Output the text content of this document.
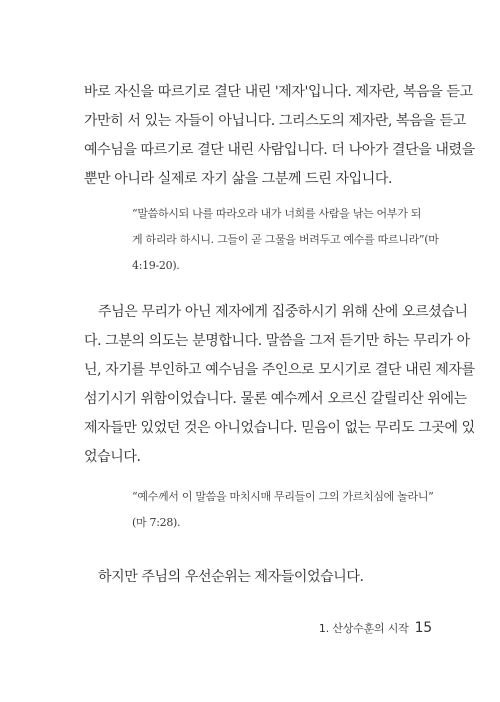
바로 자신을 따르기로 결단 내린 '제자'입니다. 제자란, 복음을 듣고
가만히 서 있는 자들이 아닙니다. 그리스도의 제자란, 복음을 듣고
예수님을 따르기로 결단 내린 사람입니다. 더 나아가 결단을 내렸을
뿐만 아니라 실제로 자기 삶을 그분께 드린 자입니다.

“말씀하시되 나를 따라오라 내가 너희를 사람을 낚는 어부가 되
게 하리라 하시니. 그들이 곧 그물을 버려두고 예수를 따르니라”(마
4:19-20).

주님은 무리가 아닌 제자에게 집중하시기 위해 산에 오르셨습니
다. 그분의 의도는 분명합니다. 말씀을 그저 듣기만 하는 무리가 아
닌, 자기를 부인하고 예수님을 주인으로 모시기로 결단 내린 제자를
섬기시기 위함이었습니다. 물론 예수께서 오르신 갈릴리산 위에는
제자들만 있었던 것은 아니었습니다. 믿음이 없는 무리도 그곳에 있
었습니다.

“예수께서 이 말씀을 마치시매 무리들이 그의 가르치심에 놀라니”
(마 7:28).

하지만 주님의 우선순위는 제자들이었습니다.

1. 산상수훈의 시작 15
